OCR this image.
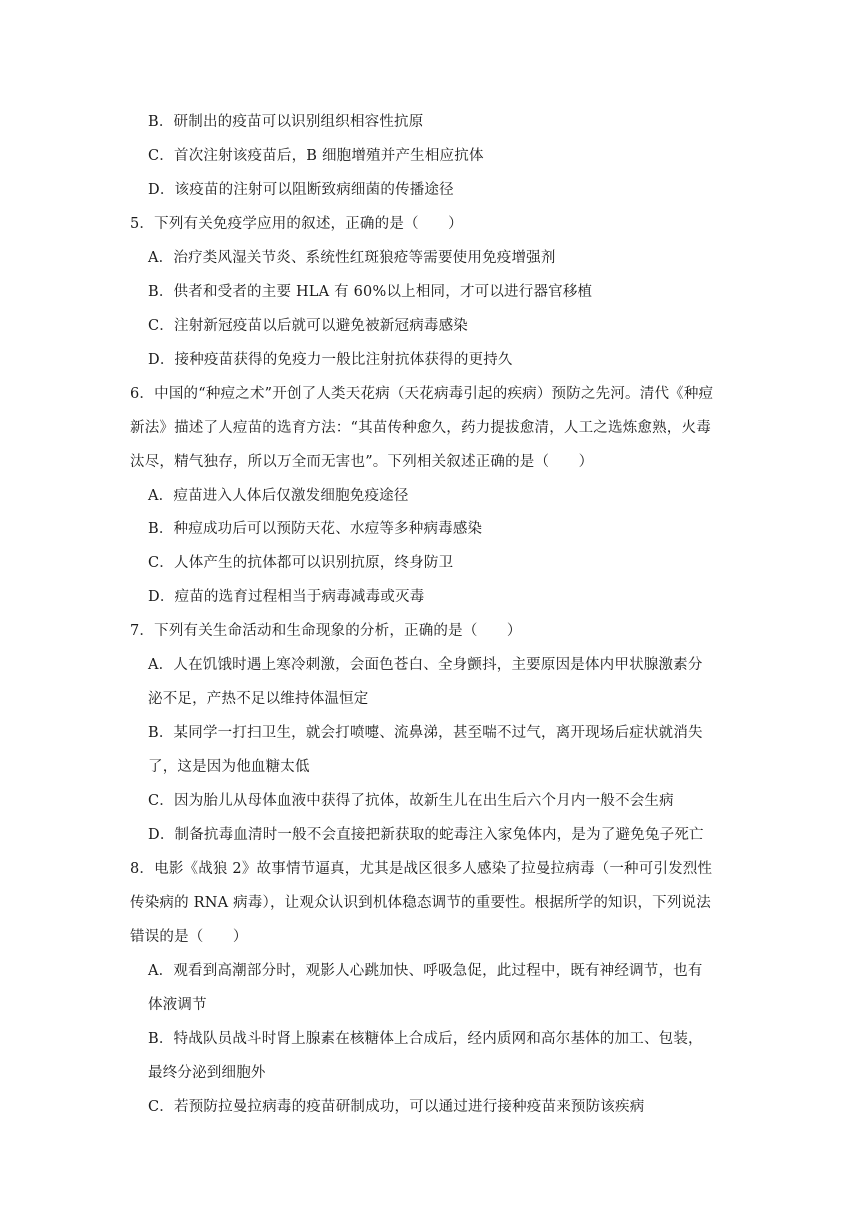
B．研制出的疫苗可以识别组织相容性抗原
C．首次注射该疫苗后，B 细胞增殖并产生相应抗体
D．该疫苗的注射可以阻断致病细菌的传播途径
5．下列有关免疫学应用的叙述，正确的是（　　）
A．治疗类风湿关节炎、系统性红斑狼疮等需要使用免疫增强剂
B．供者和受者的主要 HLA 有 60%以上相同，才可以进行器官移植
C．注射新冠疫苗以后就可以避免被新冠病毒感染
D．接种疫苗获得的免疫力一般比注射抗体获得的更持久
6．中国的“种痘之术”开创了人类天花病（天花病毒引起的疾病）预防之先河。清代《种痘
新法》描述了人痘苗的选育方法：“其苗传种愈久，药力提拔愈清，人工之选炼愈熟，火毒
汰尽，精气独存，所以万全而无害也”。下列相关叙述正确的是（　　）
A．痘苗进入人体后仅激发细胞免疫途径
B．种痘成功后可以预防天花、水痘等多种病毒感染
C．人体产生的抗体都可以识别抗原，终身防卫
D．痘苗的选育过程相当于病毒减毒或灭毒
7．下列有关生命活动和生命现象的分析，正确的是（　　）
A．人在饥饿时遇上寒冷刺激，会面色苍白、全身颤抖，主要原因是体内甲状腺激素分
泌不足，产热不足以维持体温恒定
B．某同学一打扫卫生，就会打喷嚏、流鼻涕，甚至喘不过气，离开现场后症状就消失
了，这是因为他血糖太低
C．因为胎儿从母体血液中获得了抗体，故新生儿在出生后六个月内一般不会生病
D．制备抗毒血清时一般不会直接把新获取的蛇毒注入家兔体内，是为了避免兔子死亡
8．电影《战狼 2》故事情节逼真，尤其是战区很多人感染了拉曼拉病毒（一种可引发烈性
传染病的 RNA 病毒），让观众认识到机体稳态调节的重要性。根据所学的知识，下列说法
错误的是（　　）
A．观看到高潮部分时，观影人心跳加快、呼吸急促，此过程中，既有神经调节，也有
体液调节
B．特战队员战斗时肾上腺素在核糖体上合成后，经内质网和高尔基体的加工、包装，
最终分泌到细胞外
C．若预防拉曼拉病毒的疫苗研制成功，可以通过进行接种疫苗来预防该疾病
